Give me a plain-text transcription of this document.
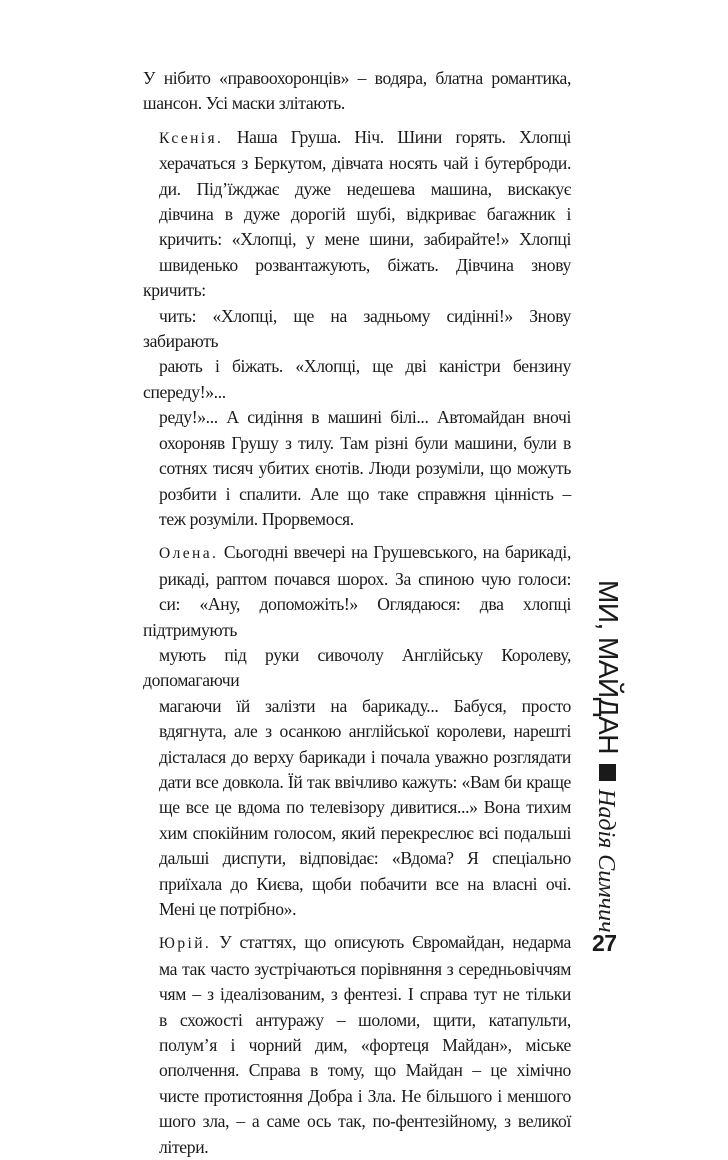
У нібито «правоохоронців» – водяра, блатна романтика,
шансон. Усі маски злітають.

Ксенія. Наша Груша. Ніч. Шини горять. Хлопці
херачаться з Беркутом, дівчата носять чай і бутерброди.
ди. Під’їжджає дуже недешева машина, вискакує
дівчина в дуже дорогій шубі, відкриває багажник і
кричить: «Хлопці, у мене шини, забирайте!» Хлопці
швиденько розвантажують, біжать. Дівчина знову кричить:
чить: «Хлопці, ще на задньому сидінні!» Знову забирають
рають і біжать. «Хлопці, ще дві каністри бензину спереду!»...
реду!»... А сидіння в машині білі... Автомайдан вночі
охороняв Грушу з тилу. Там різні були машини, були в
сотнях тисяч убитих єнотів. Люди розуміли, що можуть
розбити і спалити. Але що таке справжня цінність –
теж розуміли. Прорвемося.

Олена. Сьогодні ввечері на Грушевського, на барикаді,
рикаді, раптом почався шорох. За спиною чую голоси:
си: «Ану, допоможіть!» Оглядаюся: два хлопці підтримують
мують під руки сивочолу Англійську Королеву, допомагаючи
магаючи їй залізти на барикаду... Бабуся, просто
вдягнута, але з осанкою англійської королеви, нарешті
дісталася до верху барикади і почала уважно розглядати
дати все довкола. Їй так ввічливо кажуть: «Вам би краще
ще все це вдома по телевізору дивитися...» Вона тихим
хим спокійним голосом, який перекреслює всі подальші
дальші диспути, відповідає: «Вдома? Я спеціально
приїхала до Києва, щоби побачити все на власні очі.
Мені це потрібно».

Юрій. У статтях, що описують Євромайдан, недарма
ма так часто зустрічаються порівняння з середньовіччям
чям – з ідеалізованим, з фентезі. І справа тут не тільки
в схожості антуражу – шоломи, щити, катапульти,
полум’я і чорний дим, «фортеця Майдан», міське
ополчення. Справа в тому, що Майдан – це хімічно
чисте протистояння Добра і Зла. Не більшого і меншого
шого зла, – а саме ось так, по-фентезійному, з великої
літери.

МИ, МАЙДАННадія Симчич
27
